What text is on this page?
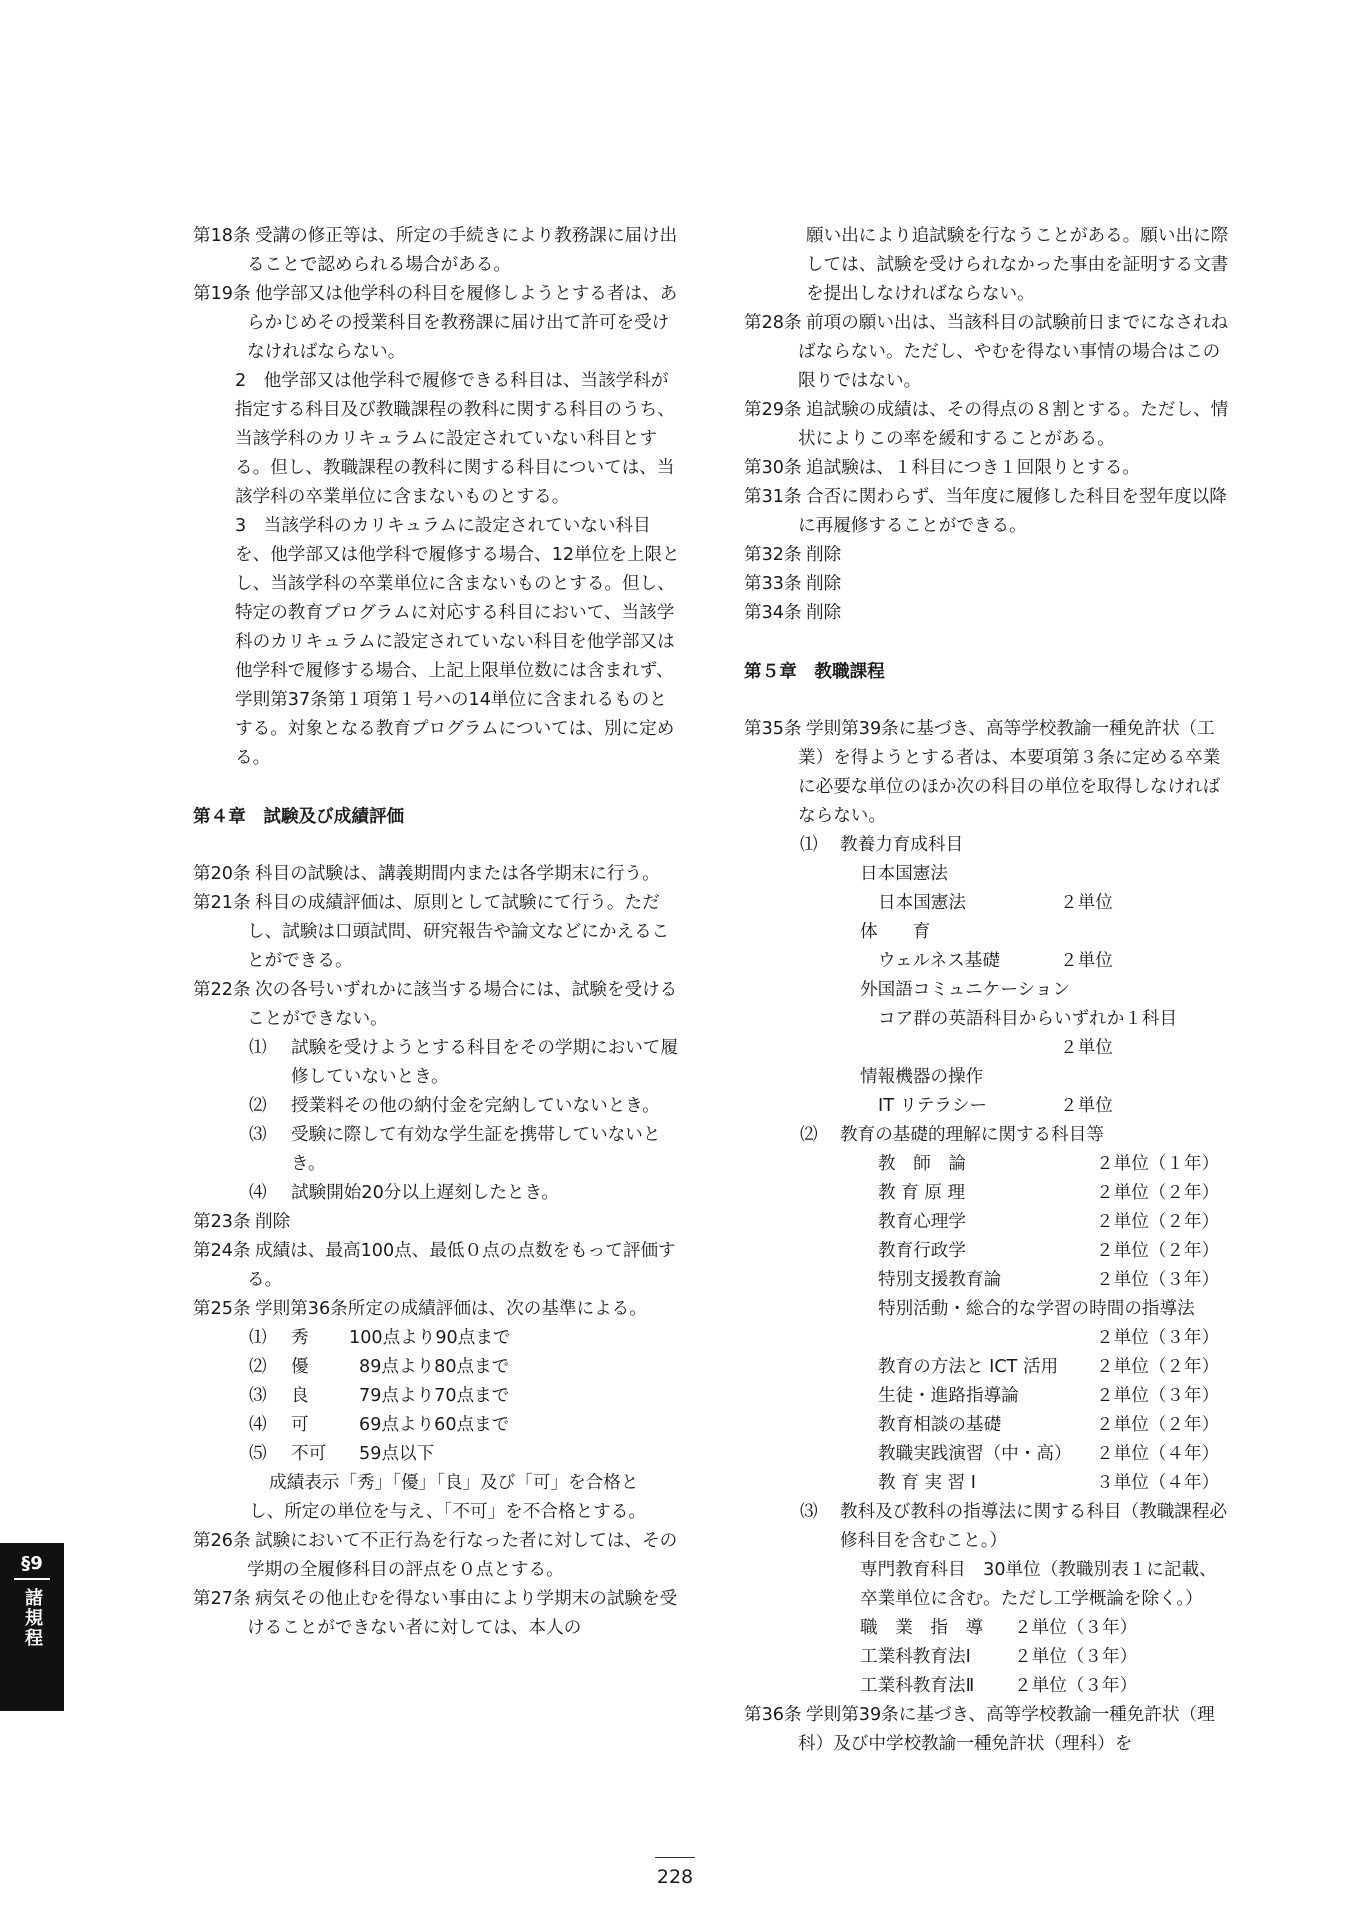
第18条 受講の修正等は、所定の手続きにより教務課に届け出ることで認められる場合がある。
第19条 他学部又は他学科の科目を履修しようとする者は、あらかじめその授業科目を教務課に届け出て許可を受けなければならない。
2　他学部又は他学科で履修できる科目は、当該学科が指定する科目及び教職課程の教科に関する科目のうち、当該学科のカリキュラムに設定されていない科目とする。但し、教職課程の教科に関する科目については、当該学科の卒業単位に含まないものとする。
3　当該学科のカリキュラムに設定されていない科目を、他学部又は他学科で履修する場合、12単位を上限とし、当該学科の卒業単位に含まないものとする。但し、特定の教育プログラムに対応する科目において、当該学科のカリキュラムに設定されていない科目を他学部又は他学科で履修する場合、上記上限単位数には含まれず、学則第37条第１項第１号ハの14単位に含まれるものとする。対象となる教育プログラムについては、別に定める。
第４章　試験及び成績評価
第20条 科目の試験は、講義期間内または各学期末に行う。
第21条 科目の成績評価は、原則として試験にて行う。ただし、試験は口頭試問、研究報告や論文などにかえることができる。
第22条 次の各号いずれかに該当する場合には、試験を受けることができない。
⑴ 試験を受けようとする科目をその学期において履修していないとき。
⑵ 授業料その他の納付金を完納していないとき。
⑶ 受験に際して有効な学生証を携帯していないとき。
⑷ 試験開始20分以上遅刻したとき。
第23条 削除
第24条 成績は、最高100点、最低０点の点数をもって評価する。
第25条 学則第36条所定の成績評価は、次の基準による。
⑴	秀	100点より90点まで
⑵	優	89点より80点まで
⑶	良	79点より70点まで
⑷	可	69点より60点まで
⑸	不可	59点以下
成績表示「秀」「優」「良」及び「可」を合格と
し、所定の単位を与え、「不可」を不合格とする。
第26条 試験において不正行為を行なった者に対しては、その学期の全履修科目の評点を０点とする。
第27条 病気その他止むを得ない事由により学期末の試験を受けることができない者に対しては、本人の
願い出により追試験を行なうことがある。願い出に際しては、試験を受けられなかった事由を証明する文書を提出しなければならない。
第28条 前項の願い出は、当該科目の試験前日までになされねばならない。ただし、やむを得ない事情の場合はこの限りではない。
第29条 追試験の成績は、その得点の８割とする。ただし、情状によりこの率を緩和することがある。
第30条 追試験は、１科目につき１回限りとする。
第31条 合否に関わらず、当年度に履修した科目を翌年度以降に再履修することができる。
第32条 削除
第33条 削除
第34条 削除
第５章　教職課程
第35条 学則第39条に基づき、高等学校教諭一種免許状（工業）を得ようとする者は、本要項第３条に定める卒業に必要な単位のほか次の科目の単位を取得しなければならない。
⑴ 教養力育成科目
日本国憲法
日本国憲法	２単位
体　　育
ウェルネス基礎	２単位
外国語コミュニケーション
コア群の英語科目からいずれか１科目
２単位
情報機器の操作
IT リテラシー	２単位
⑵ 教育の基礎的理解に関する科目等
教　師　論	２単位（１年）
教 育 原 理	２単位（２年）
教育心理学	２単位（２年）
教育行政学	２単位（２年）
特別支援教育論	２単位（３年）
特別活動・総合的な学習の時間の指導法
２単位（３年）
教育の方法と ICT 活用	２単位（２年）
生徒・進路指導論	２単位（３年）
教育相談の基礎	２単位（２年）
教職実践演習（中・高）	２単位（４年）
教 育 実 習 Ⅰ	３単位（４年）
⑶ 教科及び教科の指導法に関する科目（教職課程必修科目を含むこと。）
専門教育科目　30単位（教職別表１に記載、卒業単位に含む。ただし工学概論を除く。）
職　業　指　導	２単位（３年）
工業科教育法Ⅰ	２単位（３年）
工業科教育法Ⅱ	２単位（３年）
第36条 学則第39条に基づき、高等学校教諭一種免許状（理科）及び中学校教諭一種免許状（理科）を
§9
諸規程
228
